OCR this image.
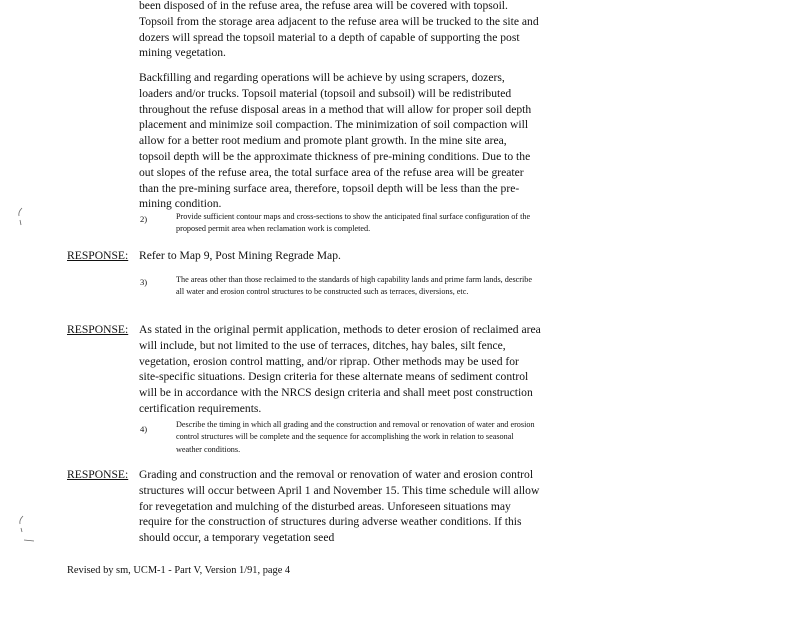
been disposed of in the refuse area, the refuse area will be covered with topsoil. Topsoil from the storage area adjacent to the refuse area will be trucked to the site and dozers will spread the topsoil material to a depth of capable of supporting the post mining vegetation.

Backfilling and regarding operations will be achieve by using scrapers, dozers, loaders and/or trucks. Topsoil material (topsoil and subsoil) will be redistributed throughout the refuse disposal areas in a method that will allow for proper soil depth placement and minimize soil compaction. The minimization of soil compaction will allow for a better root medium and promote plant growth. In the mine site area, topsoil depth will be the approximate thickness of pre-mining conditions. Due to the out slopes of the refuse area, the total surface area of the refuse area will be greater than the pre-mining surface area, therefore, topsoil depth will be less than the pre-mining condition.

2)	Provide sufficient contour maps and cross-sections to show the anticipated final surface configuration of the proposed permit area when reclamation work is completed.

RESPONSE: Refer to Map 9, Post Mining Regrade Map.

3)	The areas other than those reclaimed to the standards of high capability lands and prime farm lands, describe all water and erosion control structures to be constructed such as terraces, diversions, etc.

RESPONSE: As stated in the original permit application, methods to deter erosion of reclaimed area will include, but not limited to the use of terraces, ditches, hay bales, silt fence, vegetation, erosion control matting, and/or riprap. Other methods may be used for site-specific situations. Design criteria for these alternate means of sediment control will be in accordance with the NRCS design criteria and shall meet post construction certification requirements.

4)	Describe the timing in which all grading and the construction and removal or renovation of water and erosion control structures will be complete and the sequence for accomplishing the work in relation to seasonal weather conditions.

RESPONSE: Grading and construction and the removal or renovation of water and erosion control structures will occur between April 1 and November 15. This time schedule will allow for revegetation and mulching of the disturbed areas. Unforeseen situations may require for the construction of structures during adverse weather conditions. If this should occur, a temporary vegetation seed

Revised by sm, UCM-1 - Part V, Version 1/91, page 4
